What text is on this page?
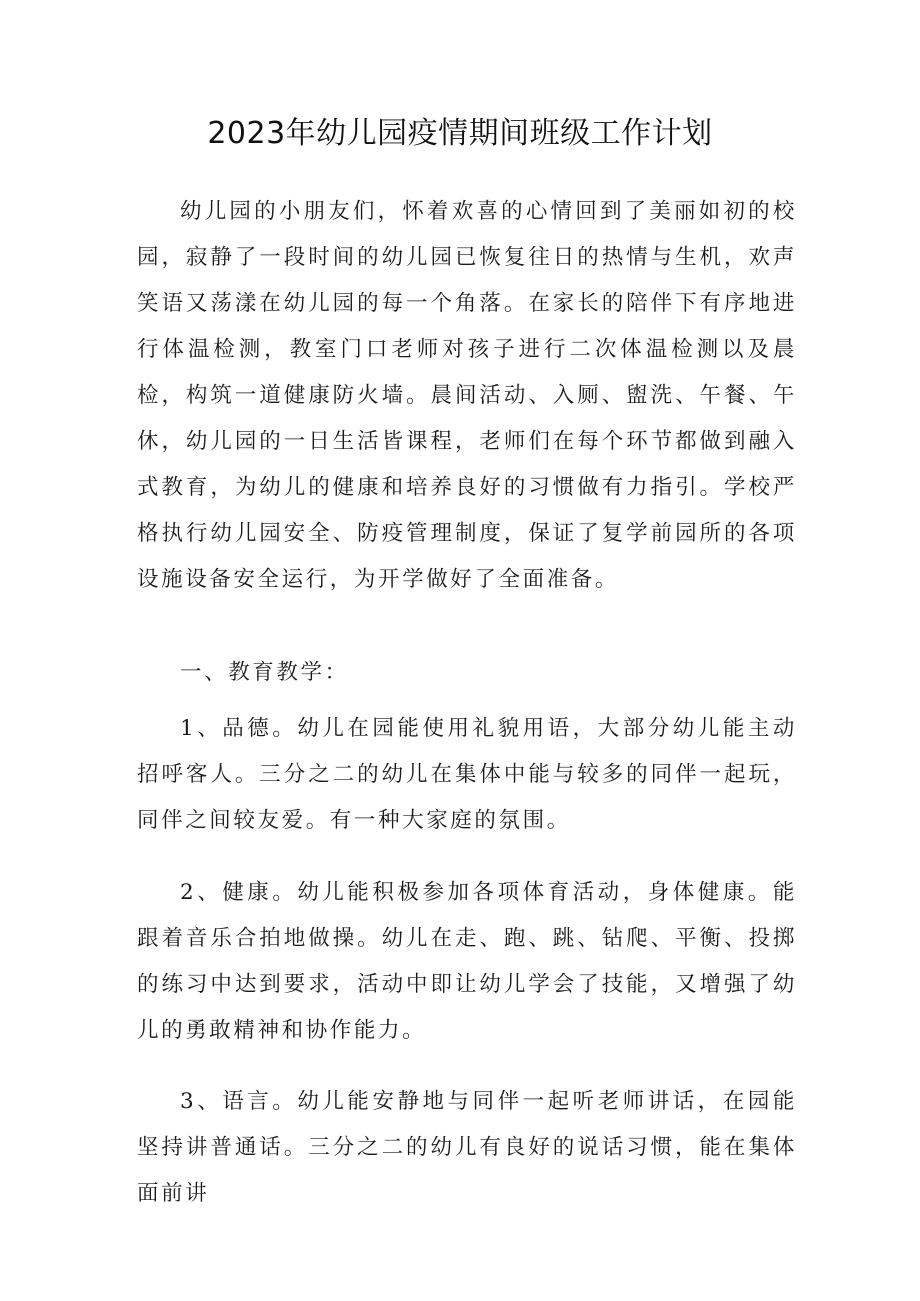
2023年幼儿园疫情期间班级工作计划

幼儿园的小朋友们，怀着欢喜的心情回到了美丽如初的校园，寂静了一段时间的幼儿园已恢复往日的热情与生机，欢声笑语又荡漾在幼儿园的每一个角落。在家长的陪伴下有序地进行体温检测，教室门口老师对孩子进行二次体温检测以及晨检，构筑一道健康防火墙。晨间活动、入厕、盥洗、午餐、午休，幼儿园的一日生活皆课程，老师们在每个环节都做到融入式教育，为幼儿的健康和培养良好的习惯做有力指引。学校严格执行幼儿园安全、防疫管理制度，保证了复学前园所的各项设施设备安全运行，为开学做好了全面准备。

一、教育教学：

1、品德。幼儿在园能使用礼貌用语，大部分幼儿能主动招呼客人。三分之二的幼儿在集体中能与较多的同伴一起玩，同伴之间较友爱。有一种大家庭的氛围。

2、健康。幼儿能积极参加各项体育活动，身体健康。能跟着音乐合拍地做操。幼儿在走、跑、跳、钻爬、平衡、投掷的练习中达到要求，活动中即让幼儿学会了技能，又增强了幼儿的勇敢精神和协作能力。

3、语言。幼儿能安静地与同伴一起听老师讲话，在园能坚持讲普通话。三分之二的幼儿有良好的说话习惯，能在集体面前讲
